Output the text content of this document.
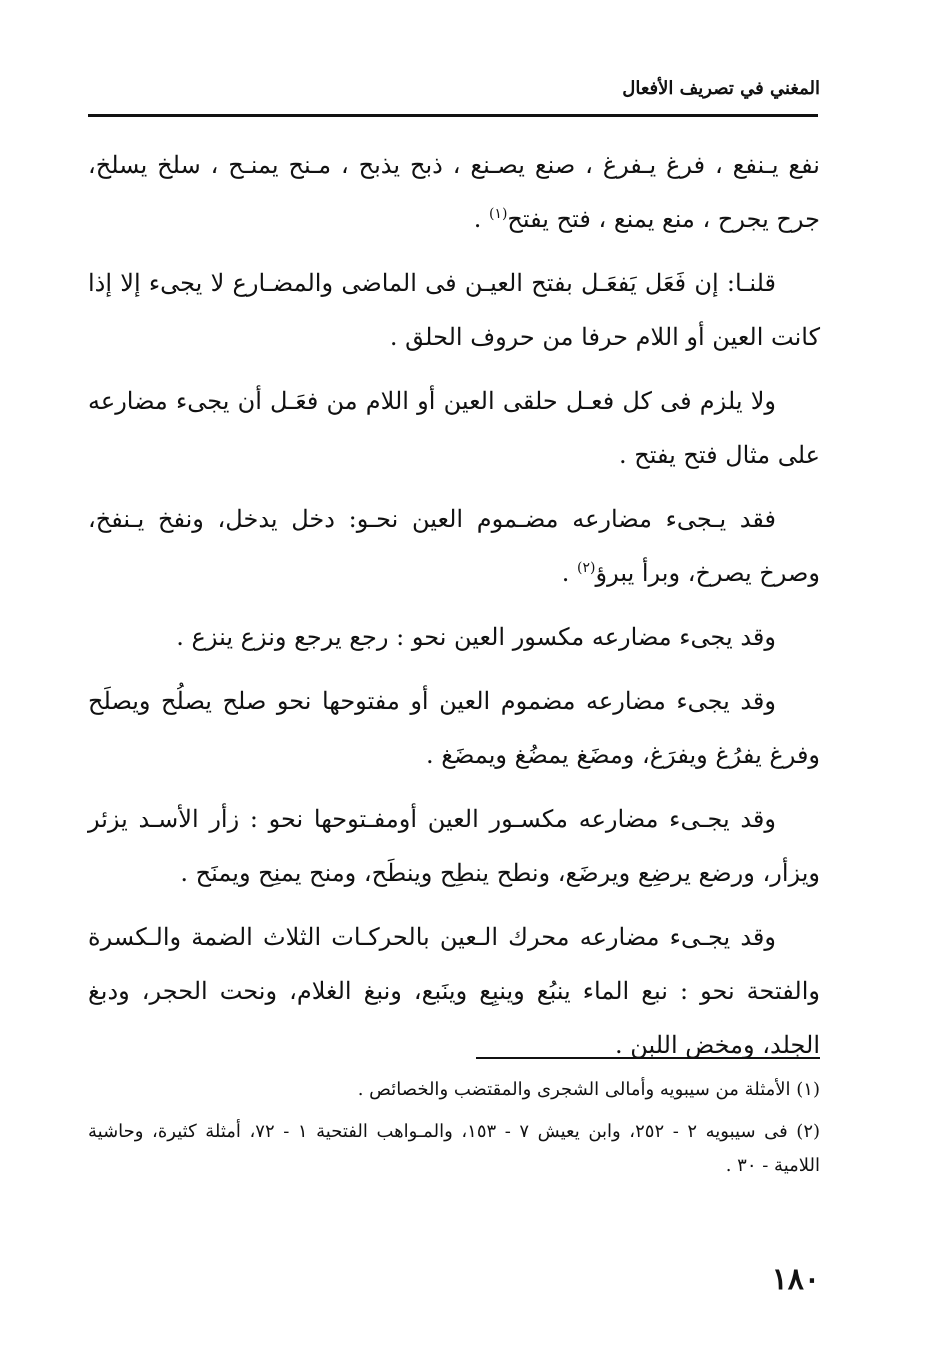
المغني في تصريف الأفعال

نفع يـنفع ، فرغ يـفرغ ، صنع يصـنع ، ذبح يذبح ، مـنح يمنـح ، سلخ يسلخ، جرح يجرح ، منع يمنع ، فتح يفتح$^{(١)}$ .

قلنـا: إن فَعَل يَفعَـل بفتح العيـن فى الماضى والمضـارع لا يجىء إلا إذا كانت العين أو اللام حرفا من حروف الحلق .

ولا يلزم فى كل فعـل حلقى العين أو اللام من فعَـل أن يجىء مضارعه على مثال فتح يفتح .

فقد يـجىء مضارعه مضـموم العين نحـو: دخل يدخل، ونفخ يـنفخ، وصرخ يصرخ، وبرأ يبرؤ$^{(٢)}$ .

وقد يجىء مضارعه مكسور العين نحو : رجع يرجع ونزع ينزع .

وقد يجىء مضارعه مضموم العين أو مفتوحها نحو صلح يصلُح ويصلَح وفرغ يفرُغ ويفرَغ، ومضَغ يمضُغ ويمضَغ .

وقد يجـىء مضارعه مكسـور العين أومفـتوحها نحو : زأر الأسـد يزئر ويزأر، ورضع يرضِع ويرضَع، ونطح ينطِح وينطَح، ومنح يمنِح ويمنَح .

وقد يجـىء مضارعه محرك الـعين بالحركـات الثلاث الضمة والـكسرة والفتحة نحو : نبع الماء ينبُع وينبِع وينَبع، ونبغ الغلام، ونحت الحجر، ودبغ الجلد، ومخض اللبن .

(١) الأمثلة من سيبويه وأمالى الشجرى والمقتضب والخصائص .

(٢) فى سيبويه ٢ - ٢٥٢، وابن يعيش ٧ - ١٥٣، والمـواهب الفتحية ١ - ٧٢، أمثلة كثيرة، وحاشية اللامية - ٣٠ .

١٨٠
